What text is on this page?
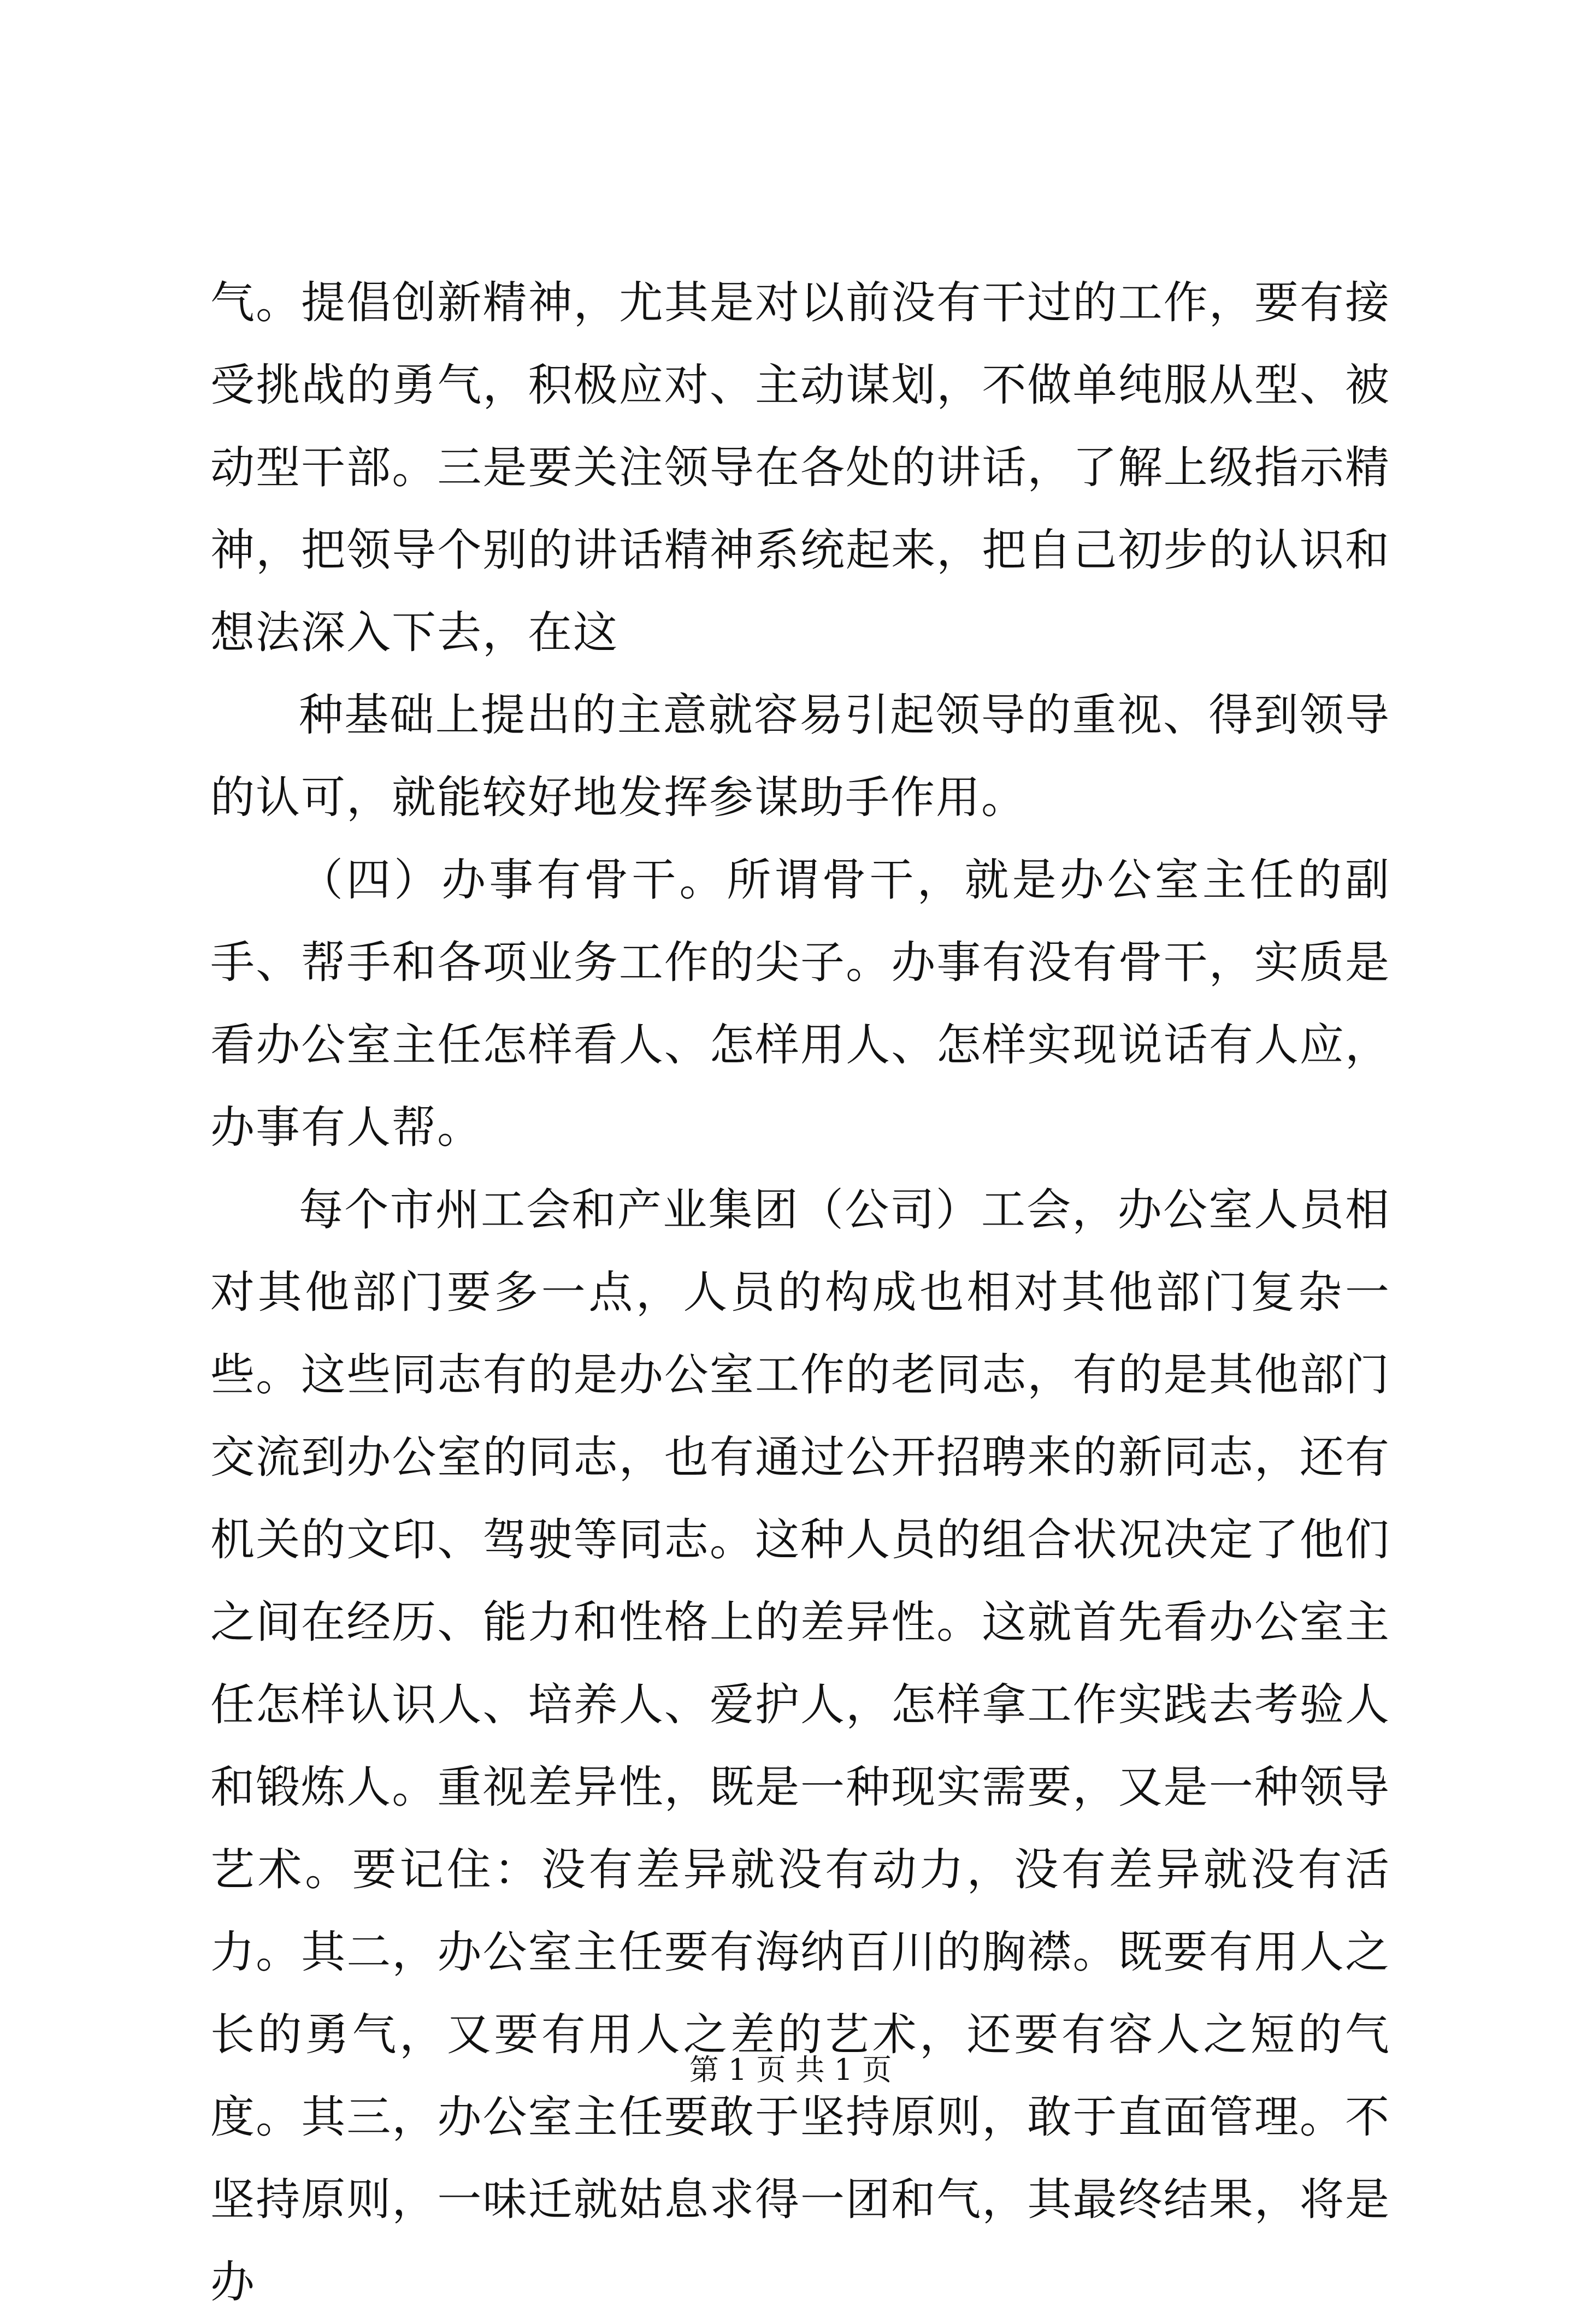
气。提倡创新精神，尤其是对以前没有干过的工作，要有接受挑战的勇气，积极应对、主动谋划，不做单纯服从型、被动型干部。三是要关注领导在各处的讲话，了解上级指示精神，把领导个别的讲话精神系统起来，把自己初步的认识和想法深入下去，在这

种基础上提出的主意就容易引起领导的重视、得到领导的认可，就能较好地发挥参谋助手作用。

（四）办事有骨干。所谓骨干，就是办公室主任的副手、帮手和各项业务工作的尖子。办事有没有骨干，实质是看办公室主任怎样看人、怎样用人、怎样实现说话有人应，办事有人帮。

每个市州工会和产业集团（公司）工会，办公室人员相对其他部门要多一点，人员的构成也相对其他部门复杂一些。这些同志有的是办公室工作的老同志，有的是其他部门交流到办公室的同志，也有通过公开招聘来的新同志，还有机关的文印、驾驶等同志。这种人员的组合状况决定了他们之间在经历、能力和性格上的差异性。这就首先看办公室主任怎样认识人、培养人、爱护人，怎样拿工作实践去考验人和锻炼人。重视差异性，既是一种现实需要，又是一种领导艺术。要记住：没有差异就没有动力，没有差异就没有活力。其二，办公室主任要有海纳百川的胸襟。既要有用人之长的勇气，又要有用人之差的艺术，还要有容人之短的气度。其三，办公室主任要敢于坚持原则，敢于直面管理。不坚持原则，一味迁就姑息求得一团和气，其最终结果，将是办

第 1 页 共 1 页
